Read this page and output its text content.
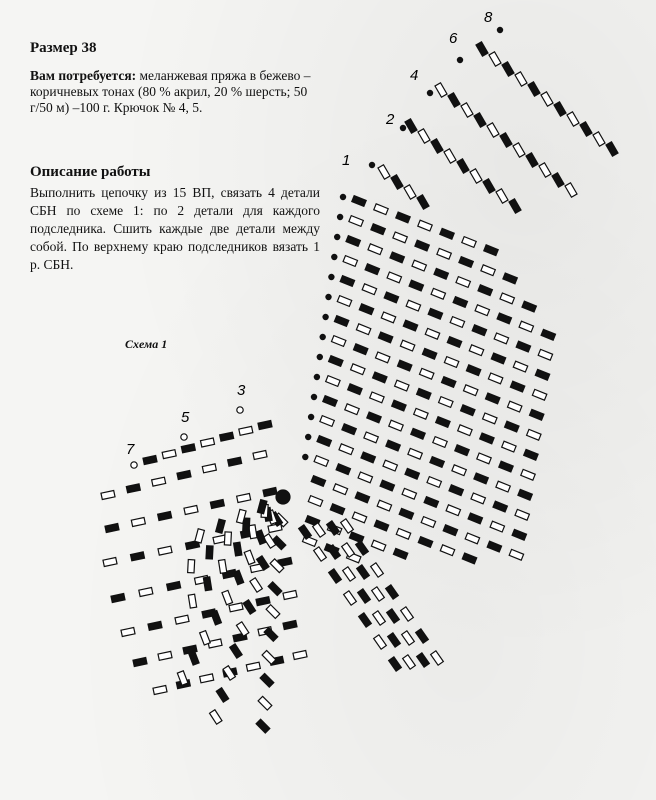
Размер 38
Вам потребуется: меланжевая пряжа в бежево – коричневых тонах (80 % акрил, 20 % шерсть; 50 г/50 м) –100 г. Крючок № 4, 5.
Описание работы
Выполнить цепочку из 15 ВП, связать 4 детали СБН по схеме 1: по 2 детали для каждого подследника. Сшить каждые две детали между собой. По верхнему краю подследников вязать 1 р. СБН.
Схема 1
1
2
4
6
8
3
5
7
